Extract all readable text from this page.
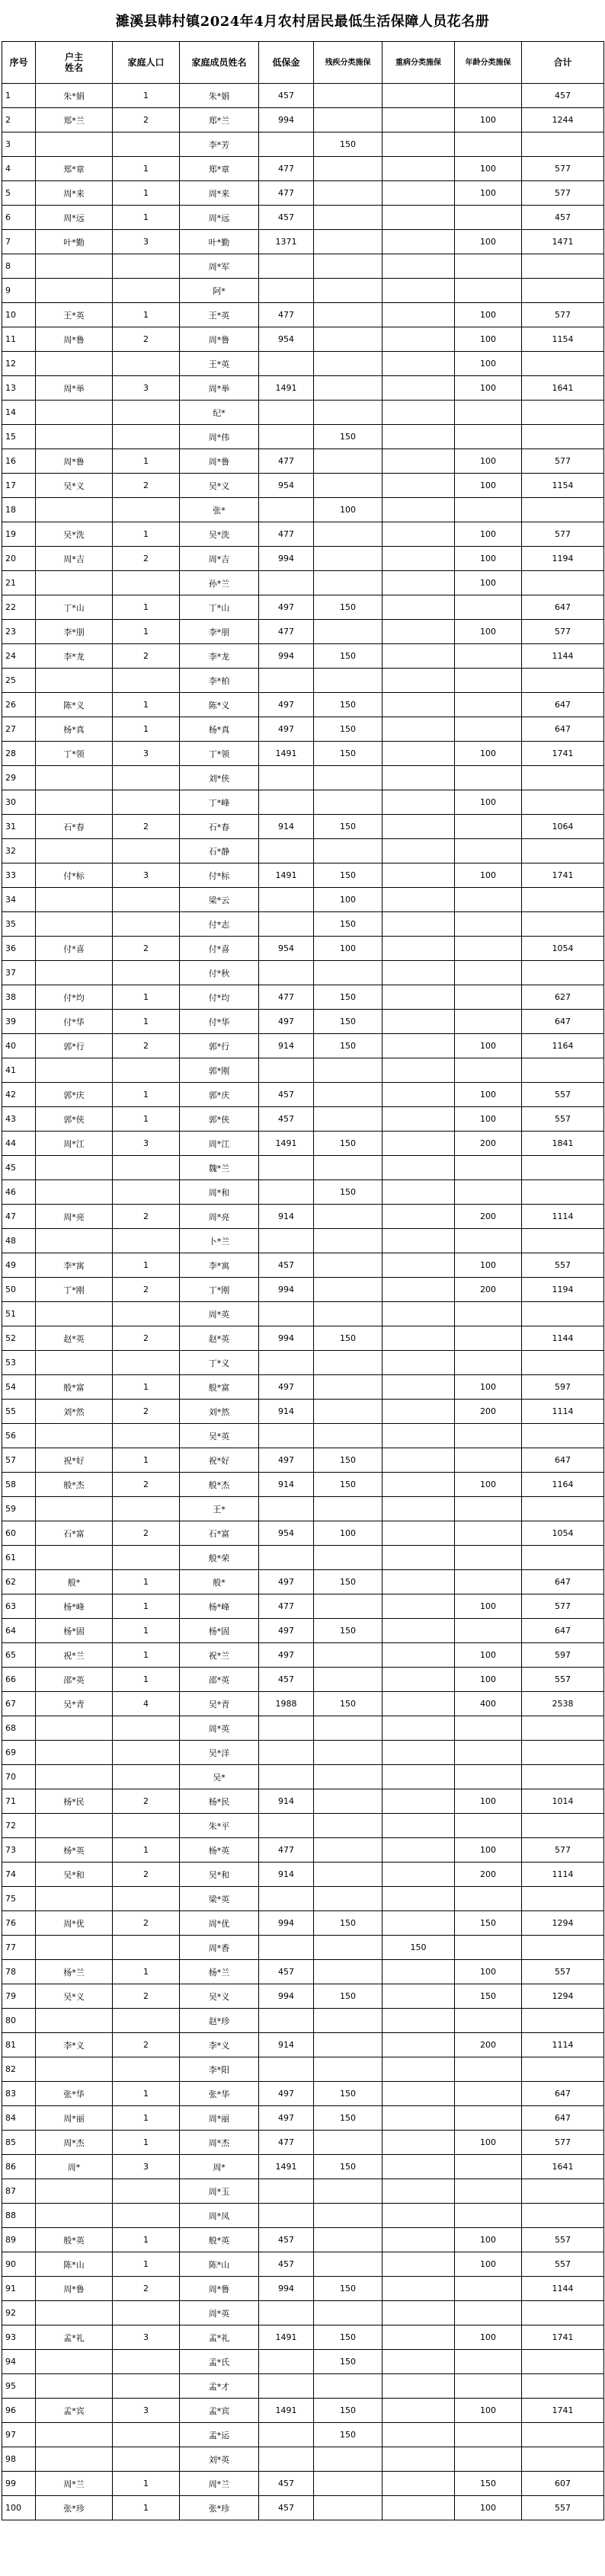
濉溪县韩村镇2024年4月农村居民最低生活保障人员花名册
序号	户主
姓名	家庭人口	家庭成员姓名	低保金	残疾分类施保	重病分类施保	年龄分类施保	合计
1	朱*娟	1	朱*娟	457				457
2	郑*兰	2	郑*兰	994			100	1244
3			李*芳		150			
4	郑*章	1	郑*章	477			100	577
5	周*来	1	周*来	477			100	577
6	周*远	1	周*远	457				457
7	叶*勤	3	叶*勤	1371			100	1471
8			周*军					
9			阿*					
10	王*英	1	王*英	477			100	577
11	周*鲁	2	周*鲁	954			100	1154
12			王*英				100	
13	周*举	3	周*举	1491			100	1641
14			纪*					
15			周*伟		150			
16	周*鲁	1	周*鲁	477			100	577
17	吴*义	2	吴*义	954			100	1154
18			张*		100			
19	吴*洗	1	吴*洗	477			100	577
20	周*吉	2	周*吉	994			100	1194
21			孙*兰				100	
22	丁*山	1	丁*山	497	150			647
23	李*朋	1	李*朋	477			100	577
24	李*龙	2	李*龙	994	150			1144
25			李*柏					
26	陈*义	1	陈*义	497	150			647
27	杨*真	1	杨*真	497	150			647
28	丁*领	3	丁*领	1491	150		100	1741
29			刘*侠					
30			丁*峰				100	
31	石*春	2	石*春	914	150			1064
32			石*静					
33	付*标	3	付*标	1491	150		100	1741
34			梁*云		100			
35			付*志		150			
36	付*喜	2	付*喜	954	100			1054
37			付*秋					
38	付*均	1	付*均	477	150			627
39	付*华	1	付*华	497	150			647
40	郭*行	2	郭*行	914	150		100	1164
41			郭*刚					
42	郭*庆	1	郭*庆	457			100	557
43	郭*侠	1	郭*侠	457			100	557
44	周*江	3	周*江	1491	150		200	1841
45			魏*兰					
46			周*和		150			
47	周*亮	2	周*亮	914			200	1114
48			卜*兰					
49	李*寓	1	李*寓	457			100	557
50	丁*刚	2	丁*刚	994			200	1194
51			周*英					
52	赵*英	2	赵*英	994	150			1144
53			丁*义					
54	般*富	1	般*富	497			100	597
55	刘*然	2	刘*然	914			200	1114
56			吴*英					
57	祝*好	1	祝*好	497	150			647
58	般*杰	2	般*杰	914	150		100	1164
59			王*					
60	石*富	2	石*富	954	100			1054
61			般*荣					
62	般*	1	般*	497	150			647
63	杨*峰	1	杨*峰	477			100	577
64	杨*固	1	杨*固	497	150			647
65	祝*兰	1	祝*兰	497			100	597
66	邵*英	1	邵*英	457			100	557
67	吴*青	4	吴*青	1988	150		400	2538
68			周*英					
69			吴*洋					
70			吴*					
71	杨*民	2	杨*民	914			100	1014
72			朱*平					
73	杨*英	1	杨*英	477			100	577
74	吴*和	2	吴*和	914			200	1114
75			梁*英					
76	周*优	2	周*优	994	150		150	1294
77			周*香			150		
78	杨*兰	1	杨*兰	457			100	557
79	吴*义	2	吴*义	994	150		150	1294
80			赵*珍					
81	李*义	2	李*义	914			200	1114
82			李*阳					
83	张*华	1	张*华	497	150			647
84	周*丽	1	周*丽	497	150			647
85	周*杰	1	周*杰	477			100	577
86	周*	3	周*	1491	150			1641
87			周*玉					
88			周*凤					
89	般*英	1	般*英	457			100	557
90	陈*山	1	陈*山	457			100	557
91	周*鲁	2	周*鲁	994	150			1144
92			周*英					
93	孟*礼	3	孟*礼	1491	150		100	1741
94			孟*氏		150			
95			孟*才					
96	孟*宾	3	孟*宾	1491	150		100	1741
97			孟*运		150			
98			刘*英					
99	周*兰	1	周*兰	457			150	607
100	张*珍	1	张*珍	457			100	557
